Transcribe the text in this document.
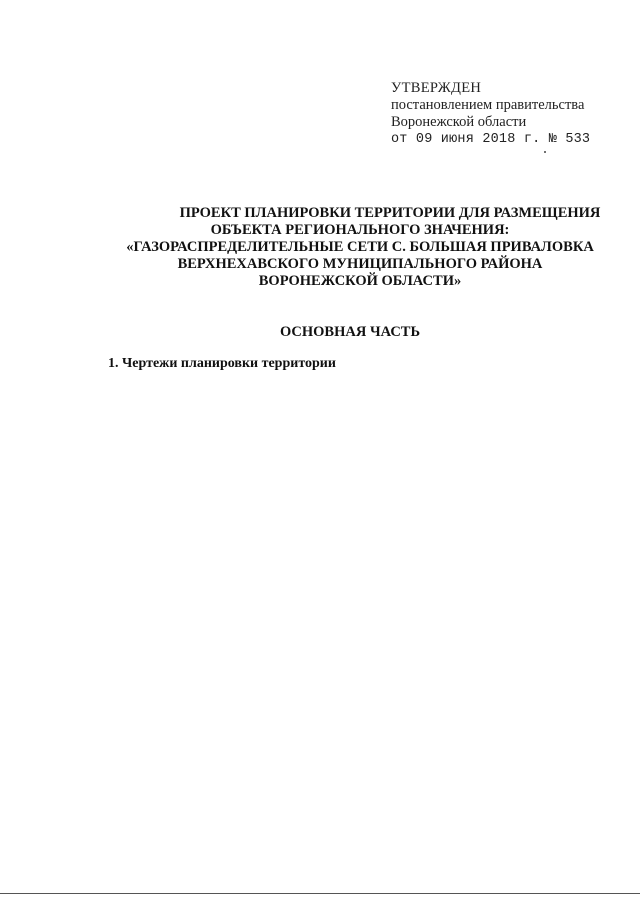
УТВЕРЖДЕН
постановлением правительства
Воронежской области
от 09 июня 2018 г. № 533
ПРОЕКТ ПЛАНИРОВКИ ТЕРРИТОРИИ ДЛЯ РАЗМЕЩЕНИЯ
ОБЪЕКТА РЕГИОНАЛЬНОГО ЗНАЧЕНИЯ:
«ГАЗОРАСПРЕДЕЛИТЕЛЬНЫЕ СЕТИ С. БОЛЬШАЯ ПРИВАЛОВКА
ВЕРХНЕХАВСКОГО МУНИЦИПАЛЬНОГО РАЙОНА
ВОРОНЕЖСКОЙ ОБЛАСТИ»
ОСНОВНАЯ ЧАСТЬ
1. Чертежи планировки территории
